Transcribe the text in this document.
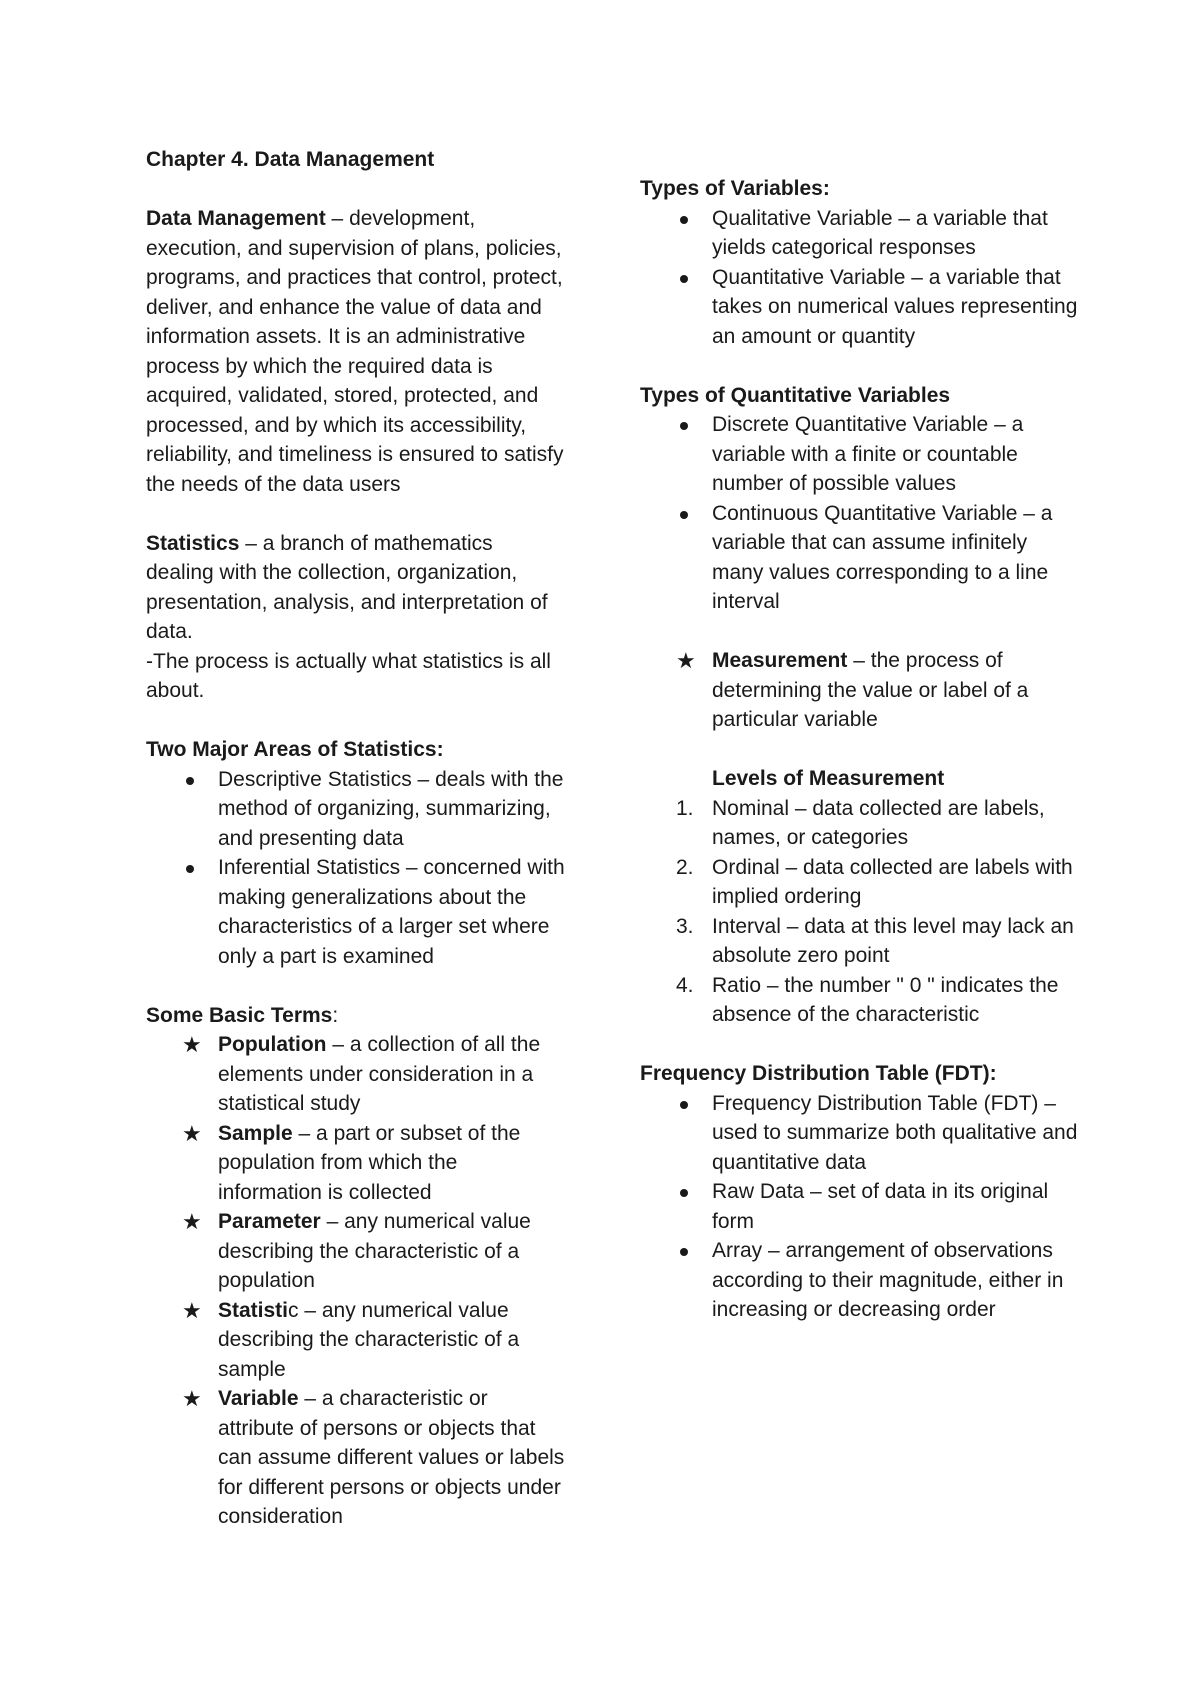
Chapter 4. Data Management

Data Management – development, execution, and supervision of plans, policies, programs, and practices that control, protect, deliver, and enhance the value of data and information assets. It is an administrative process by which the required data is acquired, validated, stored, protected, and processed, and by which its accessibility, reliability, and timeliness is ensured to satisfy the needs of the data users

Statistics – a branch of mathematics dealing with the collection, organization, presentation, analysis, and interpretation of data.

-The process is actually what statistics is all about.

Two Major Areas of Statistics:

Descriptive Statistics – deals with the method of organizing, summarizing, and presenting data
Inferential Statistics – concerned with making generalizations about the characteristics of a larger set where only a part is examined

Some Basic Terms:

★ Population – a collection of all the elements under consideration in a statistical study
★ Sample – a part or subset of the population from which the information is collected
★ Parameter – any numerical value describing the characteristic of a population
★ Statistic – any numerical value describing the characteristic of a sample
★ Variable – a characteristic or attribute of persons or objects that can assume different values or labels for different persons or objects under consideration

Types of Variables:

Qualitative Variable – a variable that yields categorical responses
Quantitative Variable – a variable that takes on numerical values representing an amount or quantity

Types of Quantitative Variables

Discrete Quantitative Variable – a variable with a finite or countable number of possible values
Continuous Quantitative Variable – a variable that can assume infinitely many values corresponding to a line interval
★ Measurement – the process of determining the value or label of a particular variable

Levels of Measurement

1. Nominal – data collected are labels, names, or categories
2. Ordinal – data collected are labels with implied ordering
3. Interval – data at this level may lack an absolute zero point
4. Ratio – the number " 0 " indicates the absence of the characteristic

Frequency Distribution Table (FDT):

Frequency Distribution Table (FDT) – used to summarize both qualitative and quantitative data
Raw Data – set of data in its original form
Array – arrangement of observations according to their magnitude, either in increasing or decreasing order
